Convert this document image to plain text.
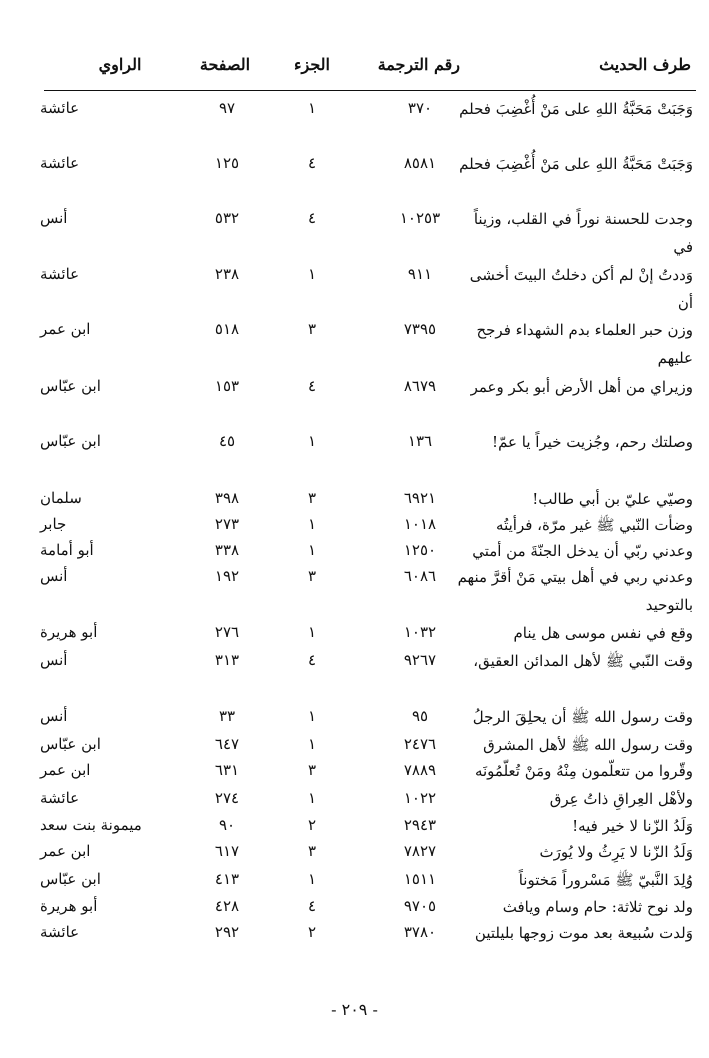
طرف الحديث
رقم الترجمة
الجزء
الصفحة
الراوي
وَجَبَتْ مَحَبَّةُ اللهِ على مَنْ أُغْضِبَ فحلم
٣٧٠
١
٩٧
عائشة
وَجَبَتْ مَحَبَّةُ اللهِ على مَنْ أُغْضِبَ فحلم
٨٥٨١
٤
١٢٥
عائشة
وجدت للحسنة نوراً في القلب، وزيناً في
١٠٢٥٣
٤
٥٣٢
أنس
وَددتُ إنْ لم أكن دخلتُ البيتَ أخشى أن
٩١١
١
٢٣٨
عائشة
وزن حبر العلماء بدم الشهداء فرجح عليهم
٧٣٩٥
٣
٥١٨
ابن عمر
وزيراي من أهل الأرض أبو بكر وعمر
٨٦٧٩
٤
١٥٣
ابن عبّاس
وصلتك رحم، وجُزيت خيراً يا عمّ!
١٣٦
١
٤٥
ابن عبّاس
وصيّي عليّ بن أبي طالب!
٦٩٢١
٣
٣٩٨
سلمان
وضأت النّبي ﷺ غير مرّة، فرأيتُه
١٠١٨
١
٢٧٣
جابر
وعدني ربّي أن يدخل الجنّةَ من أمتي
١٢٥٠
١
٣٣٨
أبو أمامة
وعدني ربي في أهل بيتي مَنْ أقرَّ منهم بالتوحيد
٦٠٨٦
٣
١٩٢
أنس
وقع في نفس موسى هل ينام
١٠٣٢
١
٢٧٦
أبو هريرة
وقت النّبي ﷺ لأهل المدائن العقيق،
٩٢٦٧
٤
٣١٣
أنس
وقت رسول الله ﷺ أن يحلِقَ الرجلُ
٩٥
١
٣٣
أنس
وقت رسول الله ﷺ لأهل المشرق
٢٤٧٦
١
٦٤٧
ابن عبّاس
وقّروا من تتعلّمون مِنْهُ ومَنْ تُعلّمُونَه
٧٨٨٩
٣
٦٣١
ابن عمر
ولأهْل العِراقِ ذاتُ عِرق
١٠٢٢
١
٢٧٤
عائشة
وَلَدُ الزّنا لا خير فيه!
٢٩٤٣
٢
٩٠
ميمونة بنت سعد
وَلَدُ الزّنا لا يَرِثُ ولا يُورَث
٧٨٢٧
٣
٦١٧
ابن عمر
وُلِدَ النَّبيّ ﷺ مَسْروراً مَختوناً
١٥١١
١
٤١٣
ابن عبّاس
ولد نوح ثلاثة: حام وسام ويافث
٩٧٠٥
٤
٤٢٨
أبو هريرة
وَلدت سُبيعة بعد موت زوجها بليلتين
٣٧٨٠
٢
٢٩٢
عائشة
- ٢٠٩ -
